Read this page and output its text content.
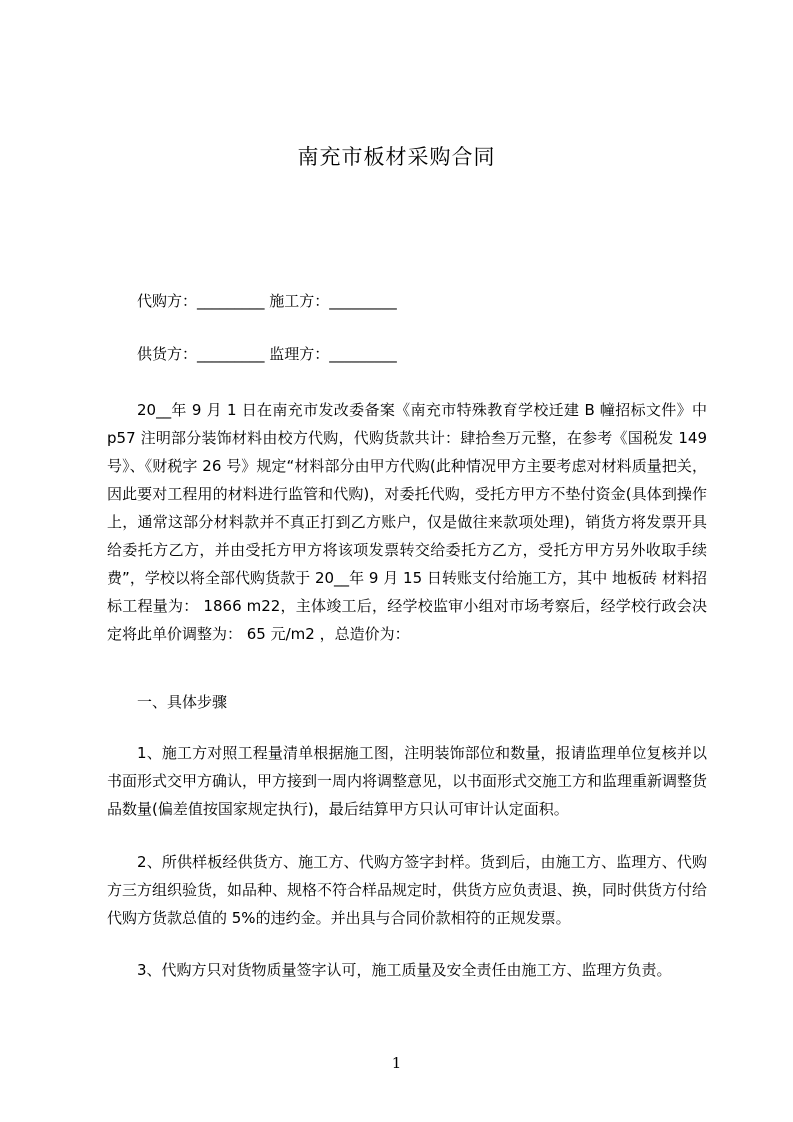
南充市板材采购合同
代购方：_________ 施工方：_________
供货方：_________ 监理方：_________

20__年 9 月 1 日在南充市发改委备案《南充市特殊教育学校迁建 B 幢招标文件》中 p57 注明部分装饰材料由校方代购，代购货款共计：肆拾叁万元整，在参考《国税发 149 号》、《财税字 26 号》规定“材料部分由甲方代购(此种情况甲方主要考虑对材料质量把关，因此要对工程用的材料进行监管和代购)，对委托代购，受托方甲方不垫付资金(具体到操作上，通常这部分材料款并不真正打到乙方账户，仅是做往来款项处理)，销货方将发票开具给委托方乙方，并由受托方甲方将该项发票转交给委托方乙方，受托方甲方另外收取手续费”，学校以将全部代购货款于 20__年 9 月 15 日转账支付给施工方，其中 地板砖 材料招标工程量为： 1866 m22，主体竣工后，经学校监审小组对市场考察后，经学校行政会决定将此单价调整为： 65 元/m2 ，总造价为：

一、具体步骤

1、施工方对照工程量清单根据施工图，注明装饰部位和数量，报请监理单位复核并以书面形式交甲方确认，甲方接到一周内将调整意见，以书面形式交施工方和监理重新调整货品数量(偏差值按国家规定执行)，最后结算甲方只认可审计认定面积。

2、所供样板经供货方、施工方、代购方签字封样。货到后，由施工方、监理方、代购方三方组织验货，如品种、规格不符合样品规定时，供货方应负责退、换，同时供货方付给代购方货款总值的 5%的违约金。并出具与合同价款相符的正规发票。

3、代购方只对货物质量签字认可，施工质量及安全责任由施工方、监理方负责。

1
